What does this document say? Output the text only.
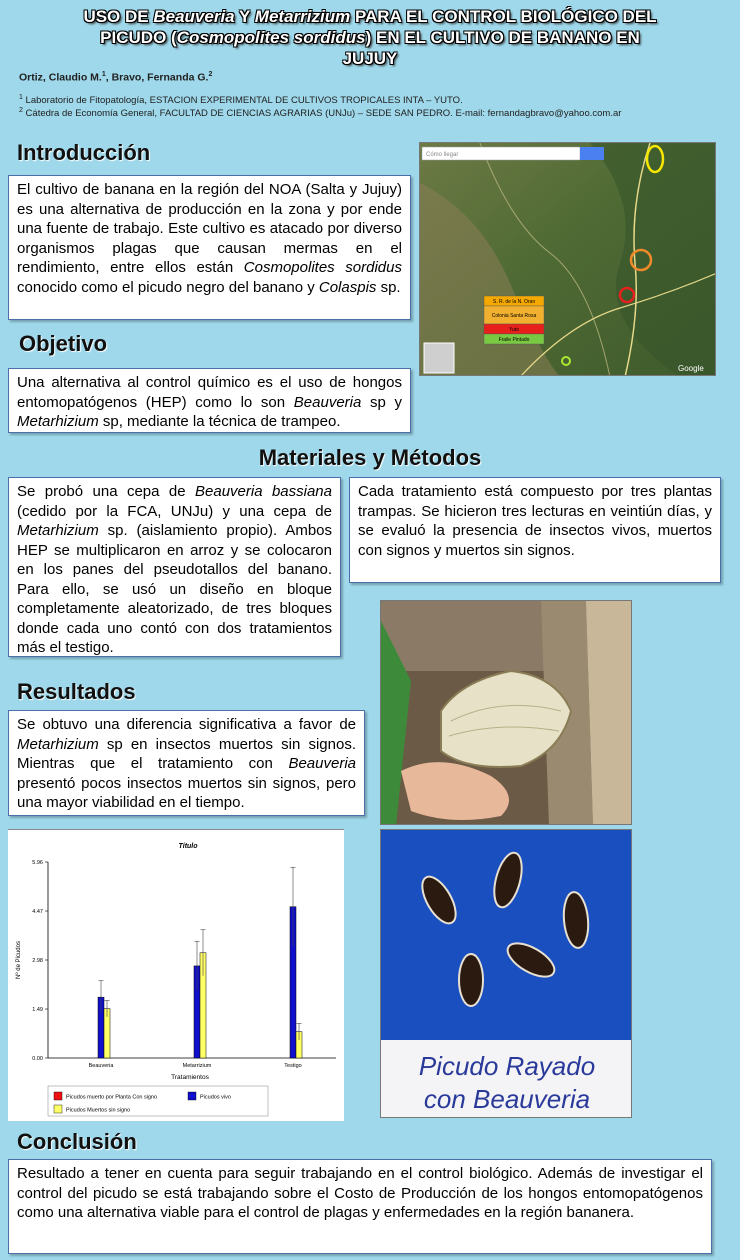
USO DE Beauveria Y Metarrizium PARA EL CONTROL BIOLÓGICO DEL
PICUDO (Cosmopolites sordidus) EN EL CULTIVO DE BANANO EN
JUJUY
Ortiz, Claudio M.$^1$, Bravo, Fernanda G.$^2$
$^1$ Laboratorio de Fitopatología, ESTACION EXPERIMENTAL DE CULTIVOS TROPICALES INTA – YUTO.
$^2$ Cátedra de Economía General, FACULTAD DE CIENCIAS AGRARIAS (UNJu) – SEDE SAN PEDRO. E-mail: fernandagbravo@yahoo.com.ar
Introducción
El cultivo de banana en la región del NOA (Salta y Jujuy) es una alternativa de producción en la zona y por ende una fuente de trabajo. Este cultivo es atacado por diverso organismos plagas que causan mermas en el rendimiento, entre ellos están Cosmopolites sordidus conocido como el picudo negro del banano y Colaspis sp.
Cómo llegar
Google
S. R. de la N. Oran
Colonia Santa Rosa
Yuto
Fraile Pintado
Objetivo
Una alternativa al control químico es el uso de hongos entomopatógenos (HEP) como lo son Beauveria sp y Metarhizium sp, mediante la técnica de trampeo.
Materiales y Métodos
Se probó una cepa de Beauveria bassiana (cedido por la FCA, UNJu) y una cepa de Metarhizium sp. (aislamiento propio). Ambos HEP se multiplicaron en arroz y se colocaron en los panes del pseudotallos del banano. Para ello, se usó un diseño en bloque completamente aleatorizado, de tres bloques donde cada uno contó con dos tratamientos más el testigo.
Cada tratamiento está compuesto por tres plantas trampas. Se hicieron tres lecturas en veintiún días, y se evaluó la presencia de insectos vivos, muertos con signos y muertos sin signos.
Picudo Rayado
con Beauveria
Resultados
Se obtuvo una diferencia significativa a favor de Metarhizium sp en insectos muertos sin signos. Mientras que el tratamiento con Beauveria presentó pocos insectos muertos sin signos, pero una mayor viabilidad en el tiempo.
Título
0.00
1.49
2.98
4.47
5.96
Nº de Picudos
Tratamientos
Beauveria	Metarrizium	Testigo
Picudos muerto por Planta Con signo	Picudos vivo
Picudos Muertos sin signo
Conclusión
Resultado a tener en cuenta para seguir trabajando en el control biológico. Además de investigar el control del picudo se está trabajando sobre el Costo de Producción de los hongos entomopatógenos como una alternativa viable para el control de plagas y enfermedades en la región bananera.
